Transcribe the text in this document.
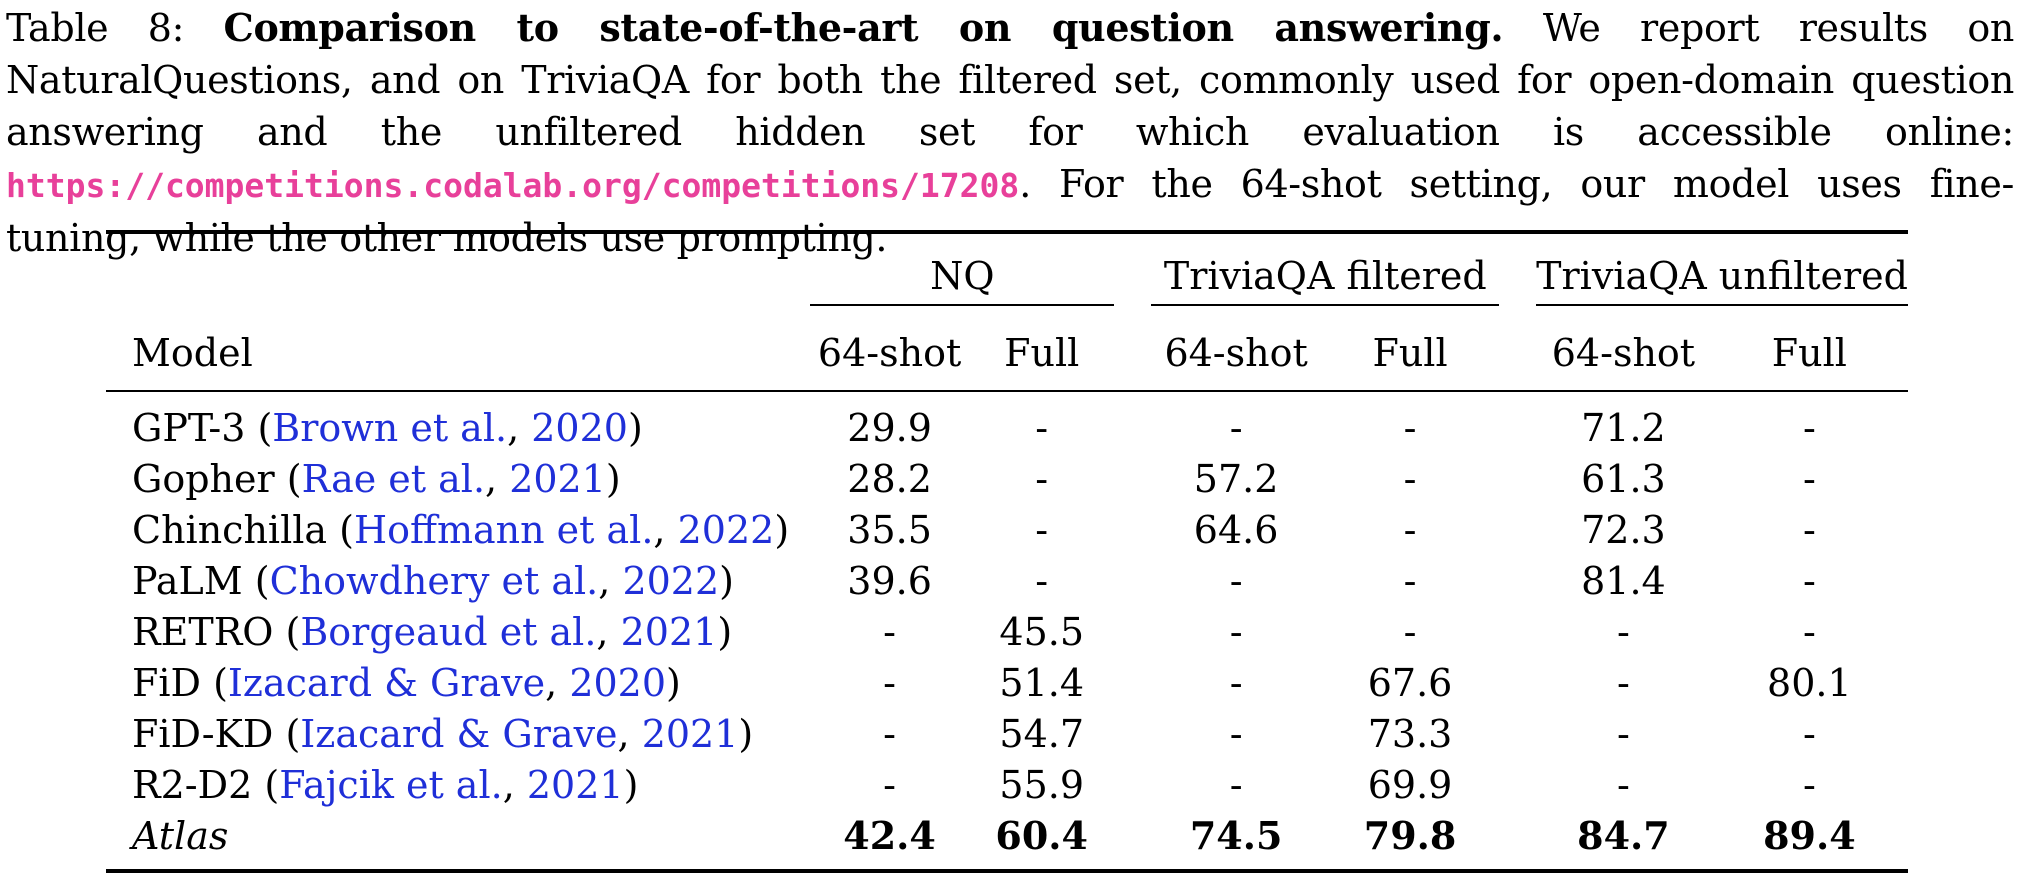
Table 8: Comparison to state-of-the-art on question answering. We report results on NaturalQuestions, and on TriviaQA for both the filtered set, commonly used for open-domain question answering and the unfiltered hidden set for which evaluation is accessible online: https://competitions.codalab.org/competitions/17208. For the 64-shot setting, our model uses fine-tuning, while the other models use prompting.
	NQ			TriviaQA filtered			TriviaQA unfiltered	
Model	64-shot	Full		64-shot	Full		64-shot	Full
GPT-3 (Brown et al., 2020)	29.9	-		-	-		71.2	-
Gopher (Rae et al., 2021)	28.2	-		57.2	-		61.3	-
Chinchilla (Hoffmann et al., 2022)	35.5	-		64.6	-		72.3	-
PaLM (Chowdhery et al., 2022)	39.6	-		-	-		81.4	-
RETRO (Borgeaud et al., 2021)	-	45.5		-	-		-	-
FiD (Izacard & Grave, 2020)	-	51.4		-	67.6		-	80.1
FiD-KD (Izacard & Grave, 2021)	-	54.7		-	73.3		-	-
R2-D2 (Fajcik et al., 2021)	-	55.9		-	69.9		-	-
Atlas	42.4	60.4		74.5	79.8		84.7	89.4
